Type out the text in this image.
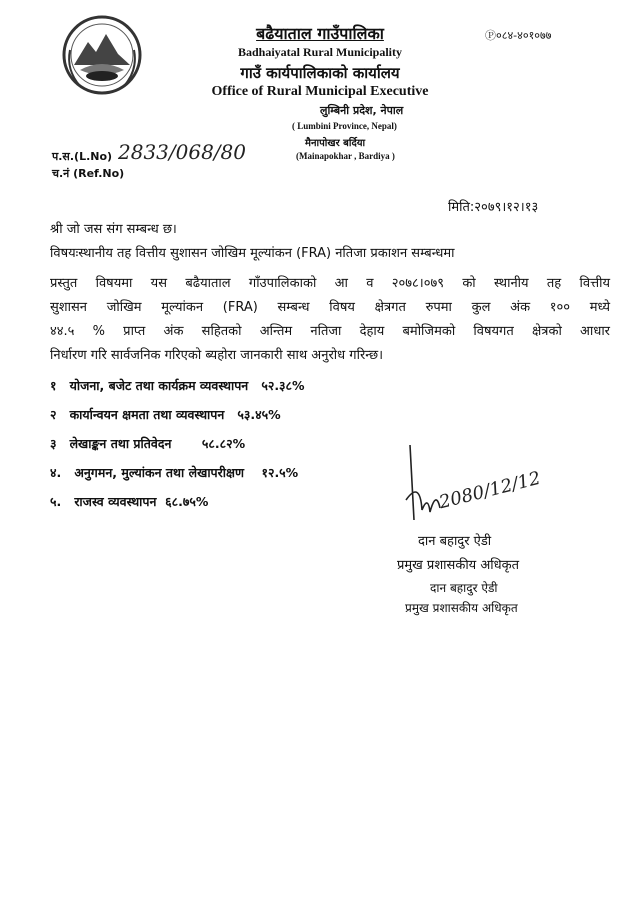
बढैयाताल गाउँपालिका
Badhaiyatal Rural Municipality
गाउँ कार्यपालिकाको कार्यालय
Office of Rural Municipal Executive
लुम्बिनी प्रदेश, नेपाल
( Lumbini Province, Nepal)
मैनापोखर बर्दिया
(Mainapokhar , Bardiya )
Ⓟ०८४-४०१०७७
प.स.(L.No) 2833/068/80
च.नं (Ref.No)
मिति:२०७९।१२।१३
श्री जो जस संग सम्बन्ध छ।
विषयःस्थानीय तह वित्तीय सुशासन जोखिम मूल्यांकन (FRA) नतिजा प्रकाशन सम्बन्धमा
प्रस्तुत विषयमा यस बढैयाताल गाँउपालिकाको आ व २०७८।०७९ को स्थानीय तह वित्तीय
सुशासन जोखिम मूल्यांकन (FRA) सम्बन्ध विषय क्षेत्रगत रुपमा कुल अंक १०० मध्ये
४४.५ % प्राप्त अंक सहितको अन्तिम नतिजा देहाय बमोजिमको विषयगत क्षेत्रको आधार
निर्धारण गरि सार्वजनिक गरिएको ब्यहोरा जानकारी साथ अनुरोध गरिन्छ।
१ योजना, बजेट तथा कार्यक्रम व्यवस्थापन ५२.३८%
२ कार्यान्वयन क्षमता तथा व्यवस्थापन ५३.४५%
३ लेखाङ्कन तथा प्रतिवेदन ५८.८२%
४. अनुगमन, मुल्यांकन तथा लेखापरीक्षण १२.५%
५. राजस्व व्यवस्थापन ६८.७५%	2080/12/12
दान बहादुर ऐडी
प्रमुख प्रशासकीय अधिकृत
दान बहादुर ऐडी
प्रमुख प्रशासकीय अधिकृत
